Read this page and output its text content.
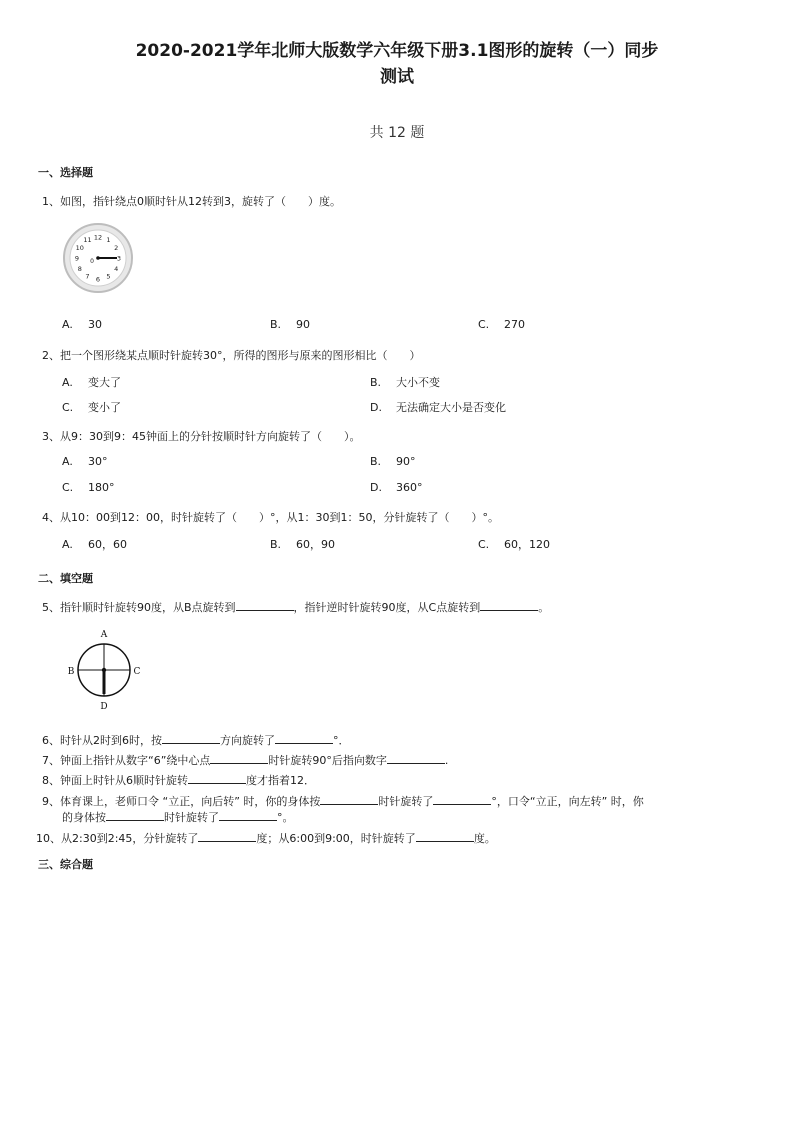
2020-2021学年北师大版数学六年级下册3.1图形的旋转（一）同步
测试
共 12 题
一、选择题
1、如图，指针绕点0顺时针从12转到3，旋转了（　　）度。
12 1
2
3
4
5
6
7
8
9
10
11
0
A. 30	B. 90	C. 270
2、把一个图形绕某点顺时针旋转30°，所得的图形与原来的图形相比（　　）
A. 变大了	B. 大小不变
C. 变小了	D. 无法确定大小是否变化
3、从9：30到9：45钟面上的分针按顺时针方向旋转了（　　）。
A. 30°	B. 90°
C. 180°	D. 360°
4、从10：00到12：00，时针旋转了（　　）°，从1：30到1：50，分针旋转了（　　）°。
A. 60，60	B. 60，90	C. 60，120
二、填空题
5、指针顺时针旋转90度，从B点旋转到	，指针逆时针旋转90度，从C点旋转到	。
A
B	C
D
6、时针从2时到6时，按	方向旋转了	°．
7、钟面上指针从数字“6”绕中心点	时针旋转90°后指向数字	.
8、钟面上时针从6顺时针旋转	度才指着12．
9、体育课上，老师口令 “立正，向后转” 时，你的身体按	时针旋转了	°，口令“立正，向左转” 时，你
的身体按	时针旋转了	°。
10、从2:30到2:45，分针旋转了	度；从6:00到9:00，时针旋转了	度。
三、综合题
